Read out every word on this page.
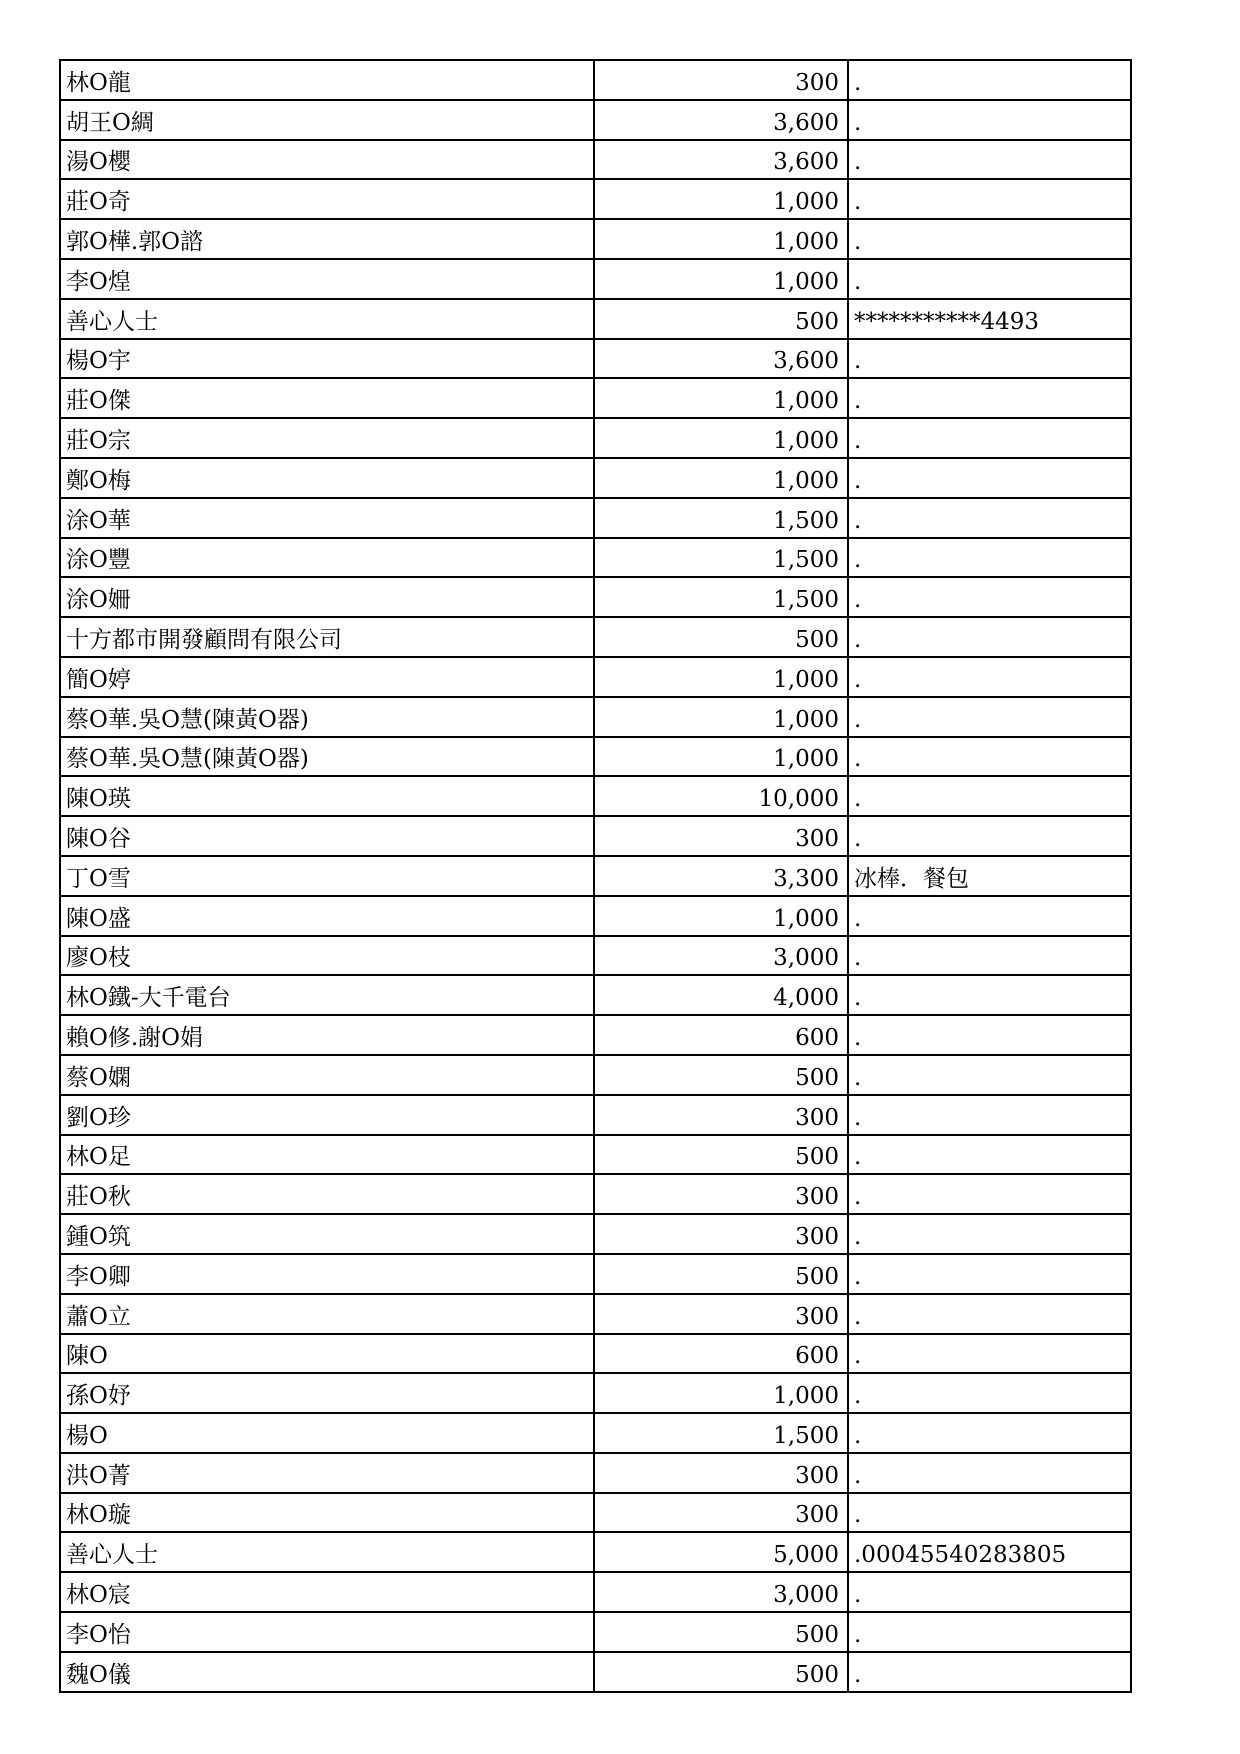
林O龍	300	.
胡王O綢	3,600	.
湯O櫻	3,600	.
莊O奇	1,000	.
郭O樺.郭O諮	1,000	.
李O煌	1,000	.
善心人士	500	***********4493
楊O宇	3,600	.
莊O傑	1,000	.
莊O宗	1,000	.
鄭O梅	1,000	.
涂O華	1,500	.
涂O豐	1,500	.
涂O姍	1,500	.
十方都市開發顧問有限公司	500	.
簡O婷	1,000	.
蔡O華.吳O慧(陳黃O器)	1,000	.
蔡O華.吳O慧(陳黃O器)	1,000	.
陳O瑛	10,000	.
陳O谷	300	.
丁O雪	3,300	冰棒．餐包
陳O盛	1,000	.
廖O枝	3,000	.
林O鐵-大千電台	4,000	.
賴O修.謝O娟	600	.
蔡O嫻	500	.
劉O珍	300	.
林O足	500	.
莊O秋	300	.
鍾O筑	300	.
李O卿	500	.
蕭O立	300	.
陳O	600	.
孫O妤	1,000	.
楊O	1,500	.
洪O菁	300	.
林O璇	300	.
善心人士	5,000	.00045540283805
林O宸	3,000	.
李O怡	500	.
魏O儀	500	.
